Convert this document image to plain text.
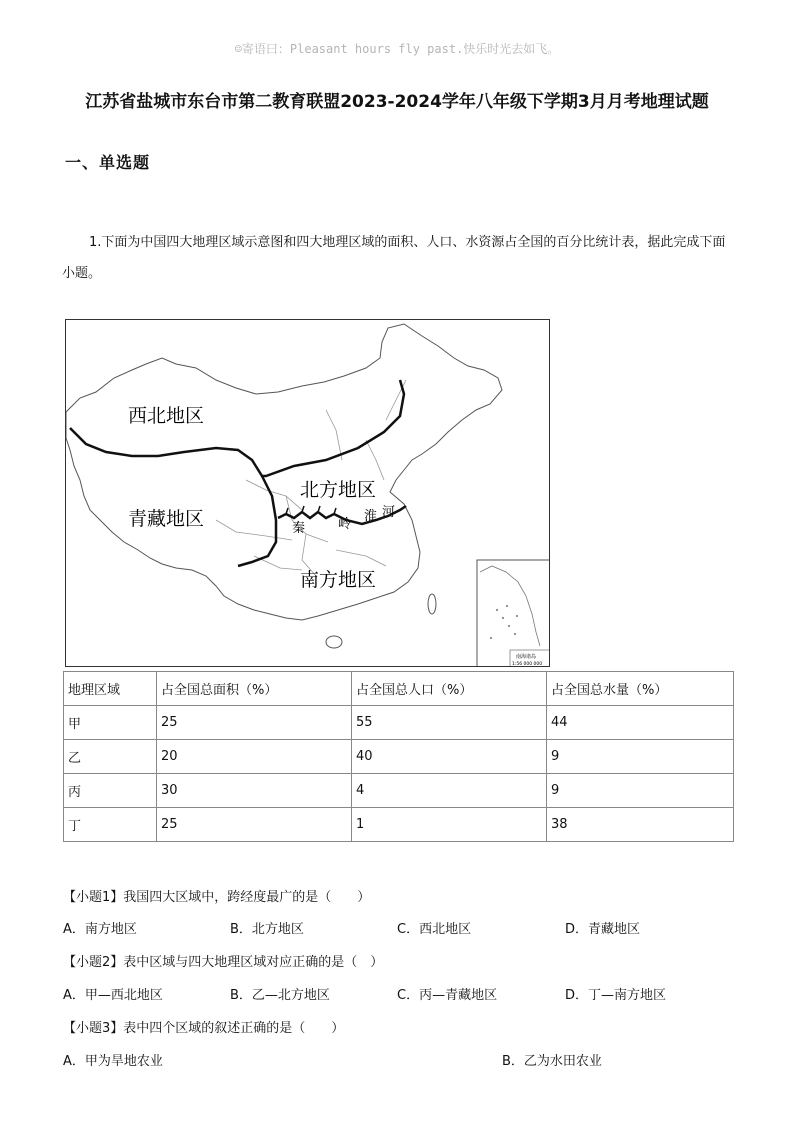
☺寄语曰：Pleasant hours fly past.快乐时光去如飞。
江苏省盐城市东台市第二教育联盟2023-2024学年八年级下学期3月月考地理试题
一、单选题
1.下面为中国四大地理区域示意图和四大地理区域的面积、人口、水资源占全国的百分比统计表，据此完成下面小题。
西北地区
青藏地区
北方地区
南方地区
秦	岭
淮 河
南海诸岛
1:56 000 000
地理区域	占全国总面积（%）	占全国总人口（%）	占全国总水量（%）
甲	25	55	44
乙	20	40	9
丙	30	4	9
丁	25	1	38
【小题1】我国四大区域中，跨经度最广的是（　　）
A．南方地区	B．北方地区	C．西北地区	D．青藏地区
【小题2】表中区域与四大地理区域对应正确的是（　）
A．甲—西北地区	B．乙—北方地区	C．丙—青藏地区	D．丁—南方地区
【小题3】表中四个区域的叙述正确的是（　　）
A．甲为旱地农业	B．乙为水田农业
